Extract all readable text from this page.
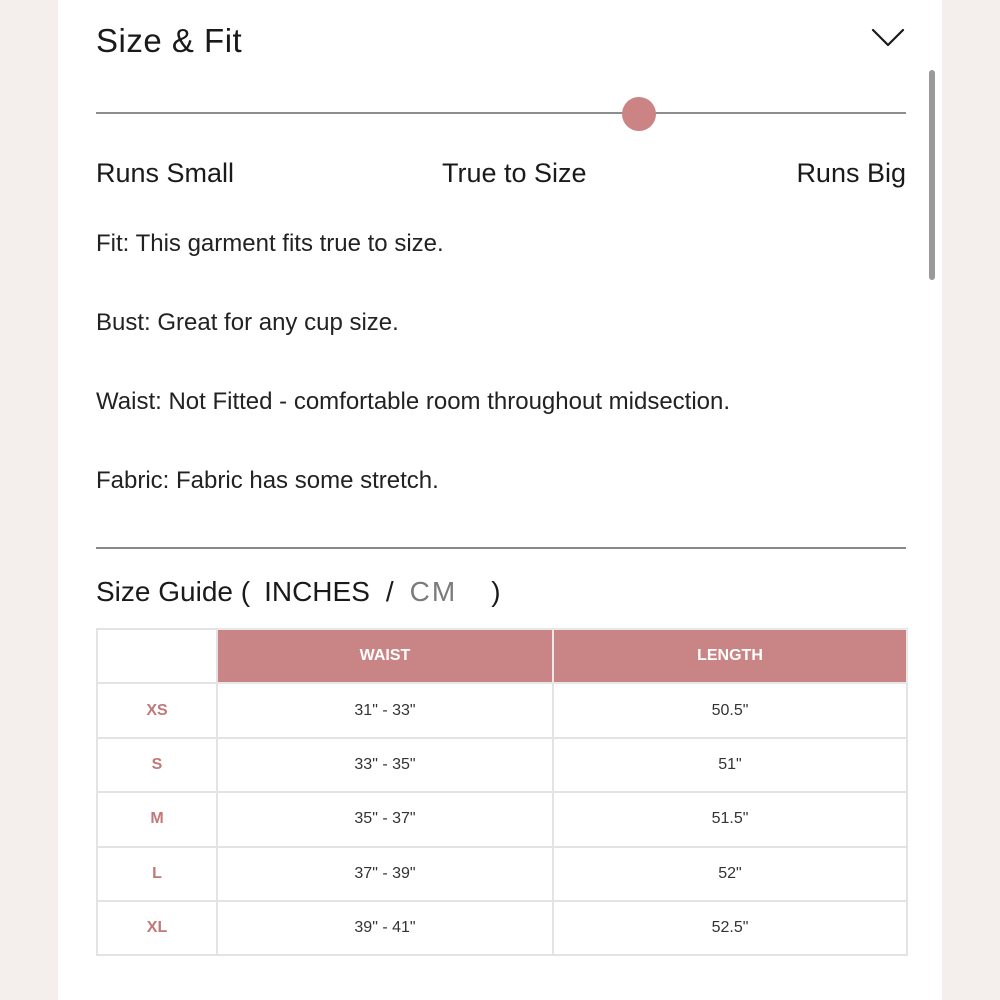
Size & Fit
Runs Small	True to Size	Runs Big
Fit: This garment fits true to size.
Bust: Great for any cup size.
Waist: Not Fitted - comfortable room throughout midsection.
Fabric: Fabric has some stretch.
Size Guide ( INCHES / CM )
	WAIST	LENGTH
XS	31" - 33"	50.5"
S	33" - 35"	51"
M	35" - 37"	51.5"
L	37" - 39"	52"
XL	39" - 41"	52.5"
